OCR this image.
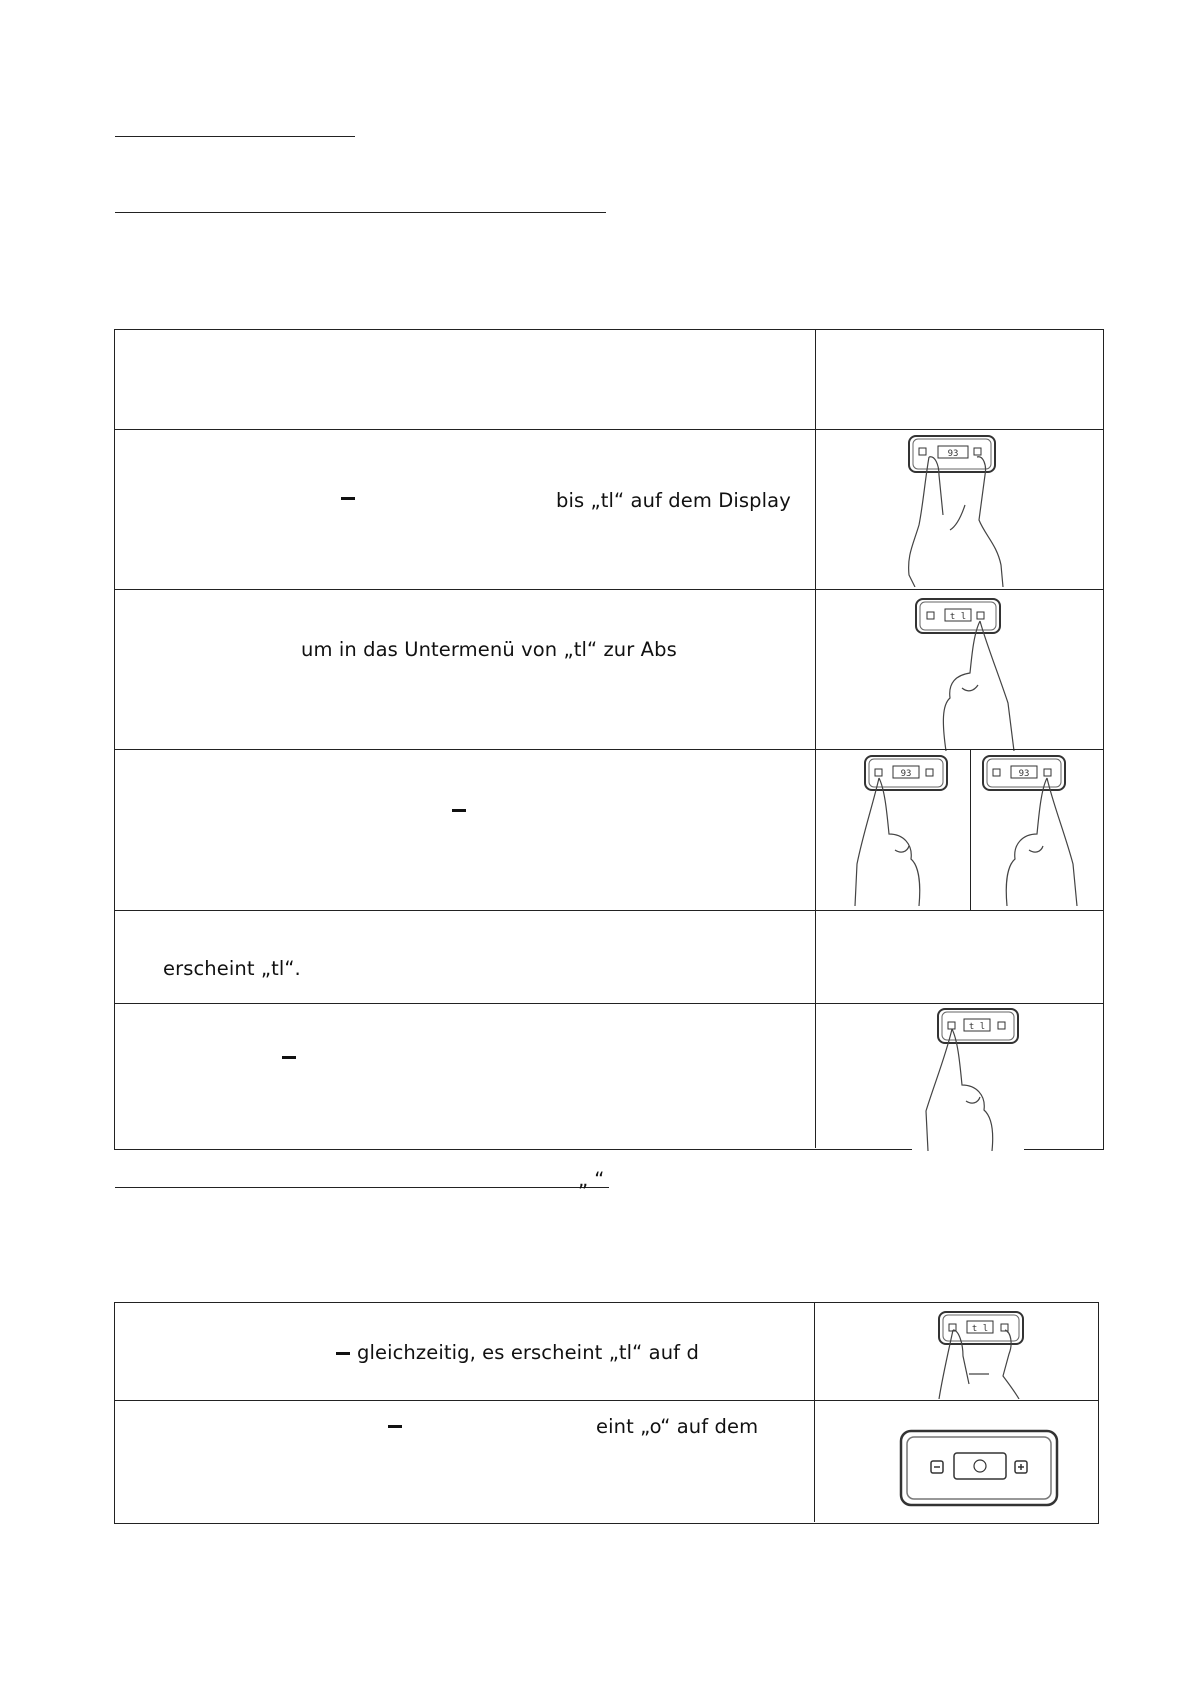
bis „tl“ auf dem Display
93
um in das Untermenü von „tl“ zur Abs
t l
93	93
erscheint „tl“.
t l
„ “
gleichzeitig, es erscheint „tl“ auf d
t l
eint „o“ auf dem
